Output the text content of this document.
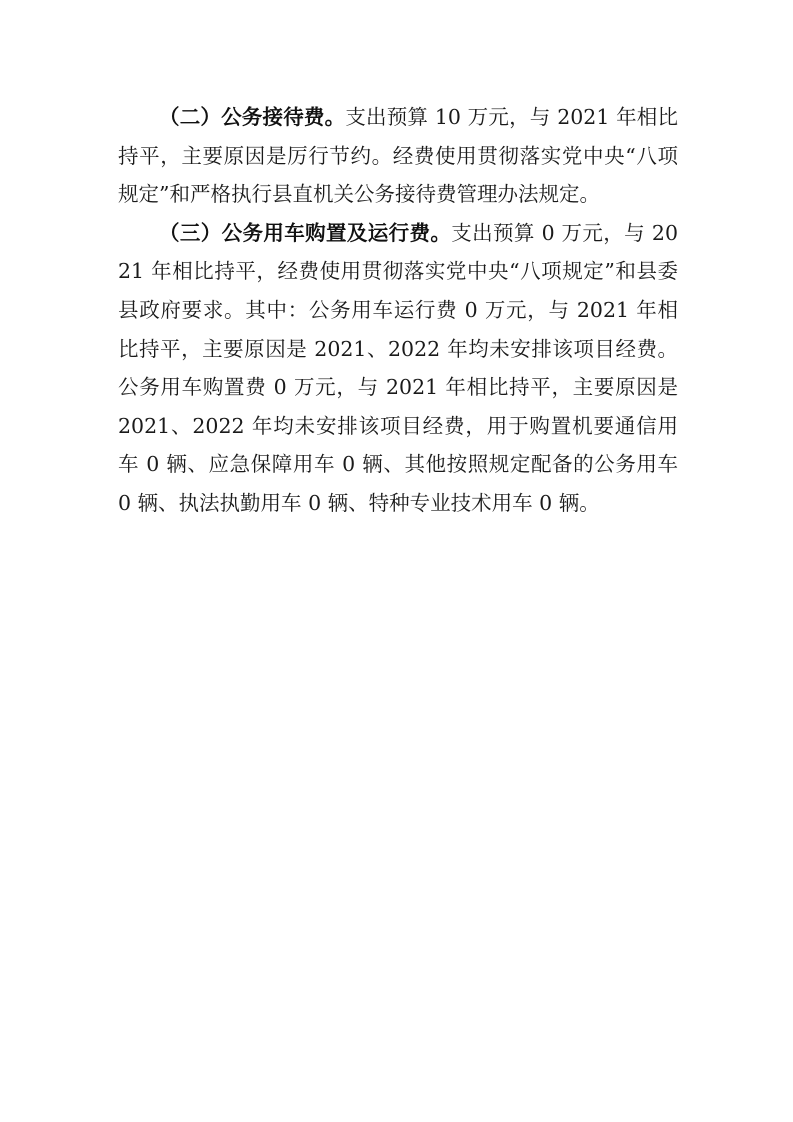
（二）公务接待费。支出预算 10 万元，与 2021 年相比持平，主要原因是厉行节约。经费使用贯彻落实党中央“八项规定”和严格执行县直机关公务接待费管理办法规定。

（三）公务用车购置及运行费。支出预算 0 万元，与 2021 年相比持平，经费使用贯彻落实党中央“八项规定”和县委县政府要求。其中：公务用车运行费 0 万元，与 2021 年相比持平，主要原因是 2021、2022 年均未安排该项目经费。公务用车购置费 0 万元，与 2021 年相比持平，主要原因是 2021、2022 年均未安排该项目经费，用于购置机要通信用车 0 辆、应急保障用车 0 辆、其他按照规定配备的公务用车 0 辆、执法执勤用车 0 辆、特种专业技术用车 0 辆。
